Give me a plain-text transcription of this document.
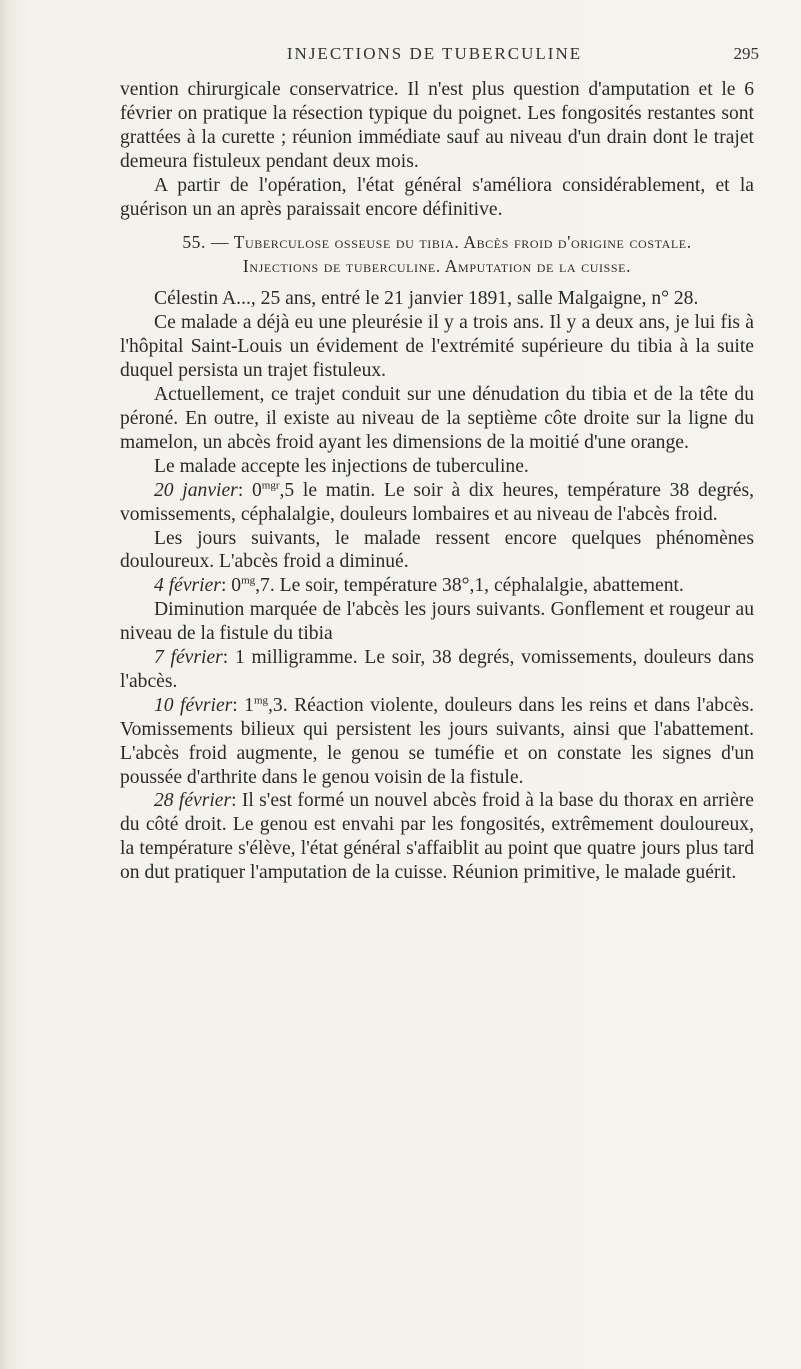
INJECTIONS DE TUBERCULINE	295

vention chirurgicale conservatrice. Il n'est plus question d'amputation et le 6 février on pratique la résection typique du poignet. Les fongosités restantes sont grattées à la curette ; réunion immédiate sauf au niveau d'un drain dont le trajet demeura fistuleux pendant deux mois.

A partir de l'opération, l'état général s'améliora considérablement, et la guérison un an après paraissait encore définitive.

55. — Tuberculose osseuse du tibia. Abcès froid d'origine costale.
Injections de tuberculine. Amputation de la cuisse.

Célestin A..., 25 ans, entré le 21 janvier 1891, salle Malgaigne, n° 28.

Ce malade a déjà eu une pleurésie il y a trois ans. Il y a deux ans, je lui fis à l'hôpital Saint-Louis un évidement de l'extrémité supérieure du tibia à la suite duquel persista un trajet fistuleux.

Actuellement, ce trajet conduit sur une dénudation du tibia et de la tête du péroné. En outre, il existe au niveau de la septième côte droite sur la ligne du mamelon, un abcès froid ayant les dimensions de la moitié d'une orange.

Le malade accepte les injections de tuberculine.

20 janvier: $0^{mgr},5$ le matin. Le soir à dix heures, température 38 degrés, vomissements, céphalalgie, douleurs lombaires et au niveau de l'abcès froid.

Les jours suivants, le malade ressent encore quelques phénomènes douloureux. L'abcès froid a diminué.

4 février: $0^{mg},7$. Le soir, température 38°,1, céphalalgie, abattement.

Diminution marquée de l'abcès les jours suivants. Gonflement et rougeur au niveau de la fistule du tibia

7 février: 1 milligramme. Le soir, 38 degrés, vomissements, douleurs dans l'abcès.

10 février: $1^{mg},3$. Réaction violente, douleurs dans les reins et dans l'abcès. Vomissements bilieux qui persistent les jours suivants, ainsi que l'abattement. L'abcès froid augmente, le genou se tuméfie et on constate les signes d'un poussée d'arthrite dans le genou voisin de la fistule.

28 février: Il s'est formé un nouvel abcès froid à la base du thorax en arrière du côté droit. Le genou est envahi par les fongosités, extrêmement douloureux, la température s'élève, l'état général s'affaiblit au point que quatre jours plus tard on dut pratiquer l'amputation de la cuisse. Réunion primitive, le malade guérit.
